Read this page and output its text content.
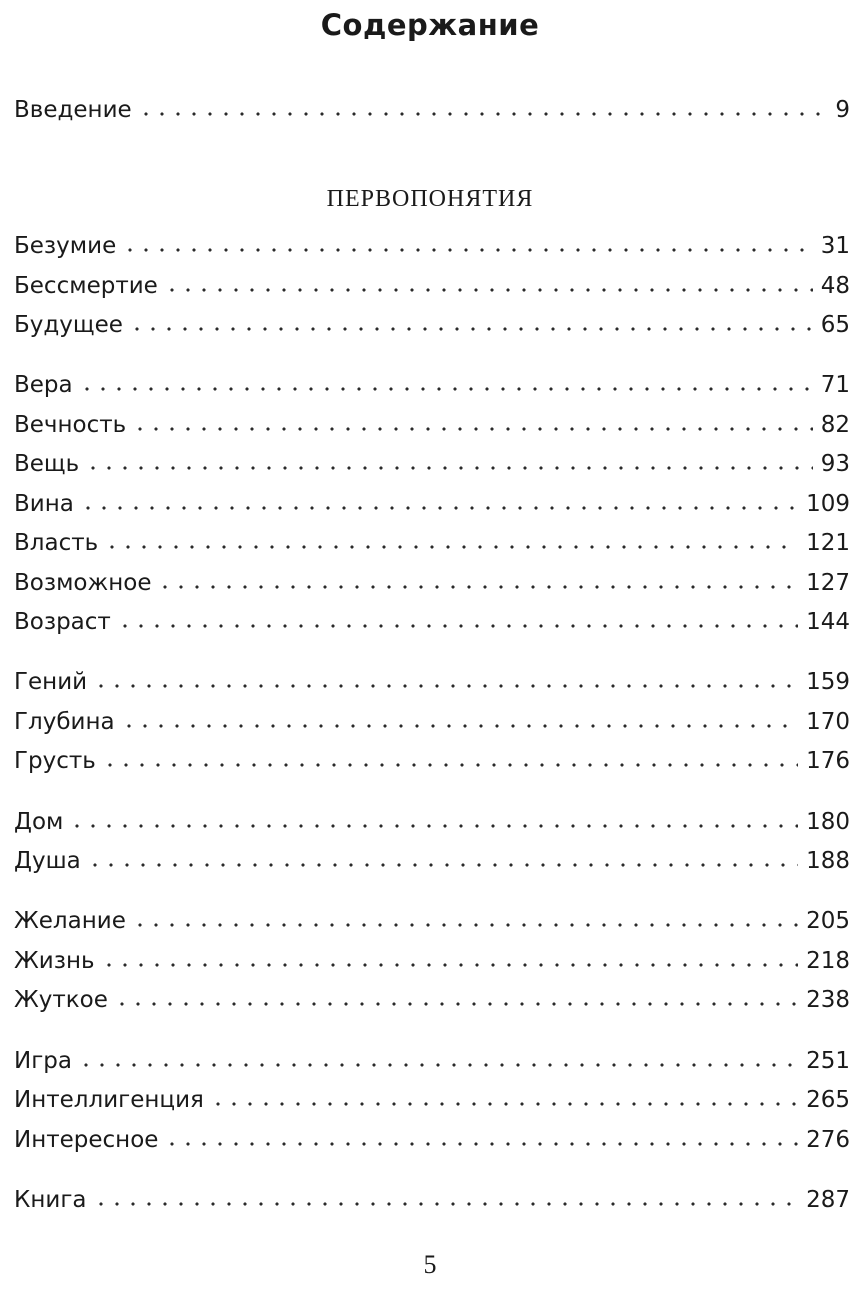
Содержание
Введение	9
ПЕРВОПОНЯТИЯ
Безумие	31
Бессмертие	48
Будущее	65
Вера	71
Вечность	82
Вещь	93
Вина	109
Власть	121
Возможное	127
Возраст	144
Гений	159
Глубина	170
Грусть	176
Дом	180
Душа	188
Желание	205
Жизнь	218
Жуткое	238
Игра	251
Интеллигенция	265
Интересное	276
Книга	287
5
